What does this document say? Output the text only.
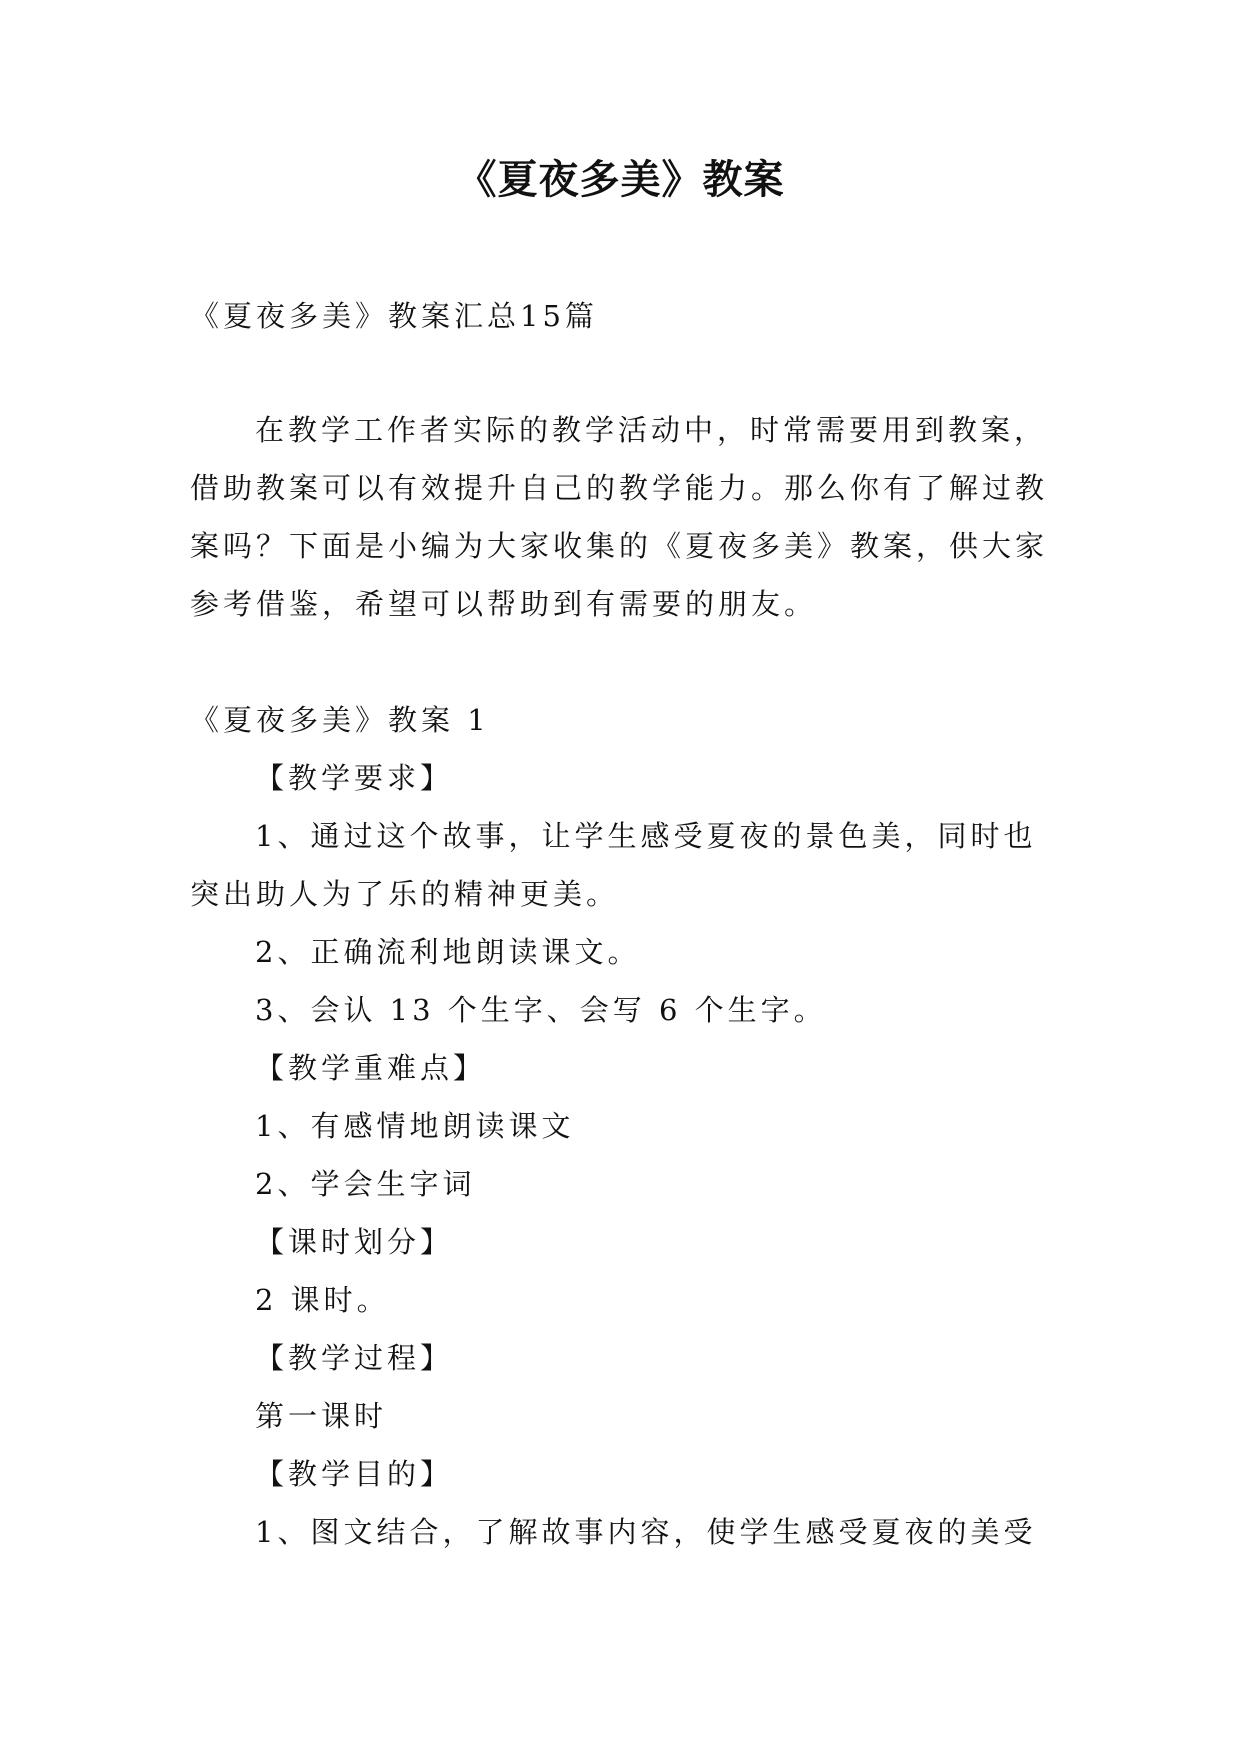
《夏夜多美》教案
《夏夜多美》教案汇总15篇
在教学工作者实际的教学活动中，时常需要用到教案，
借助教案可以有效提升自己的教学能力。那么你有了解过教
案吗？下面是小编为大家收集的《夏夜多美》教案，供大家
参考借鉴，希望可以帮助到有需要的朋友。
《夏夜多美》教案 1
【教学要求】
1、通过这个故事，让学生感受夏夜的景色美，同时也
突出助人为了乐的精神更美。
2、正确流利地朗读课文。
3、会认 13 个生字、会写 6 个生字。
【教学重难点】
1、有感情地朗读课文
2、学会生字词
【课时划分】
2 课时。
【教学过程】
第一课时
【教学目的】
1、图文结合，了解故事内容，使学生感受夏夜的美受
